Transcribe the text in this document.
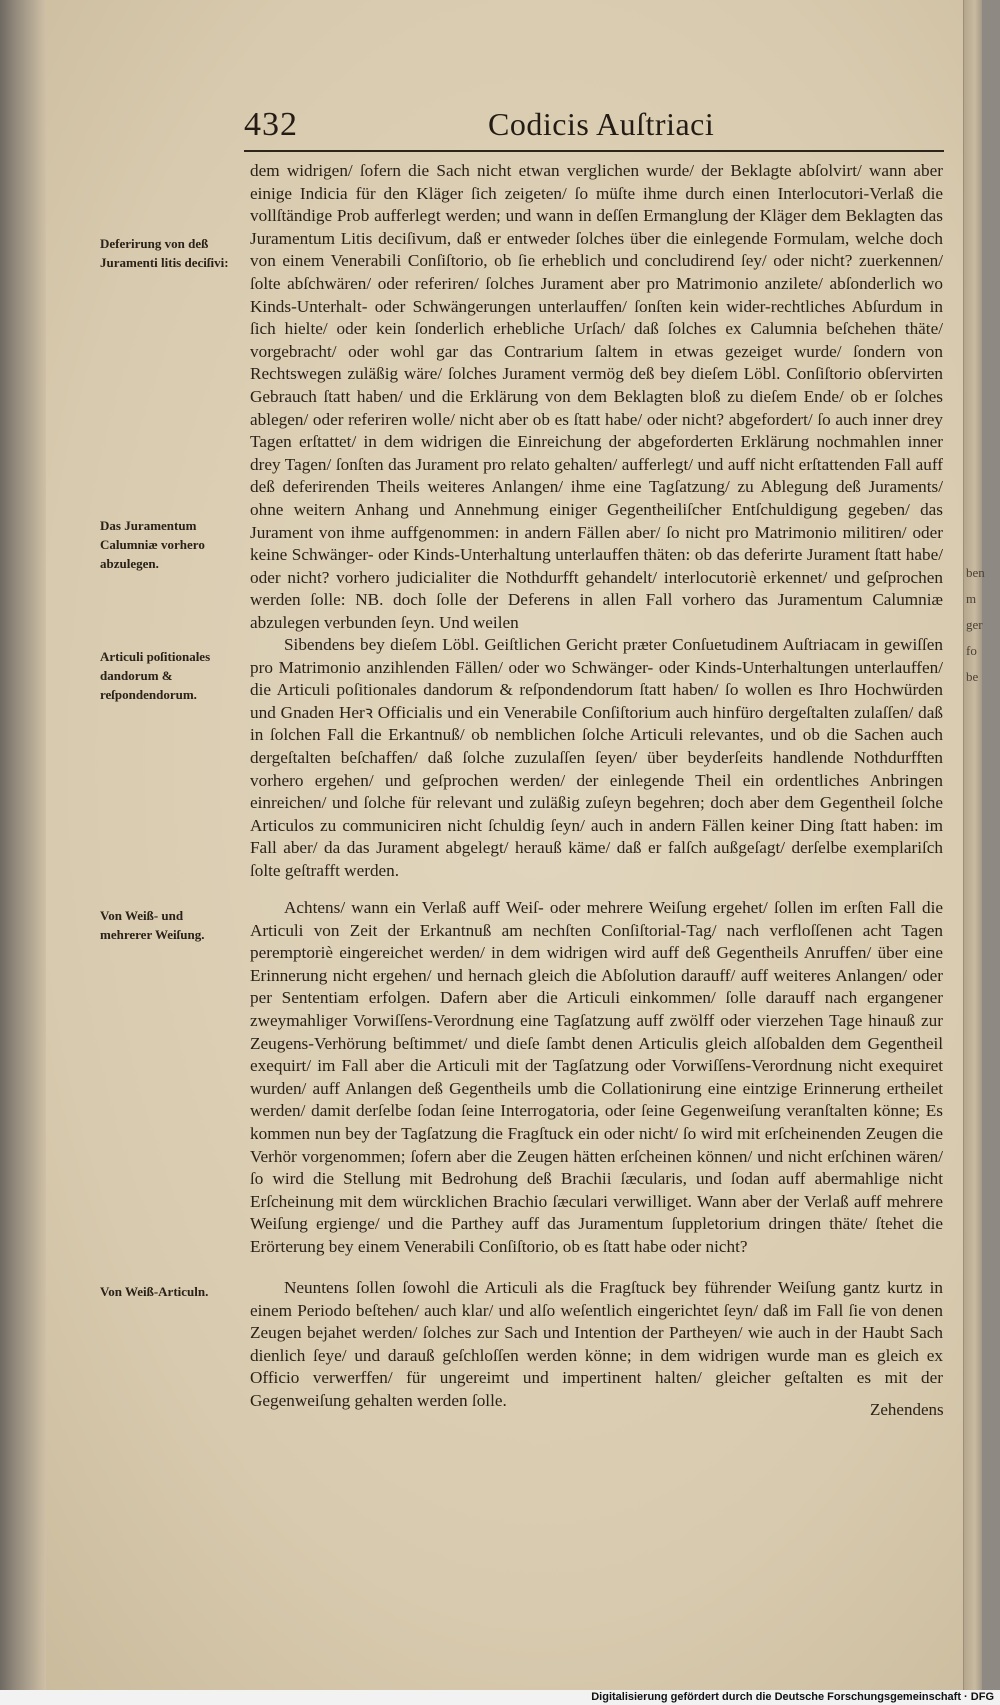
ben
m
ger
fo
be
432	Codicis Auſtriaci
Deferirung von deß Juramenti litis deciſivi:
Das Juramentum Calumniæ vorhero abzulegen.
Articuli poſitionales dandorum & reſpondendorum.
Von Weiß- und mehrerer Weiſung.
Von Weiß-Articuln.

dem widrigen/ ſofern die Sach nicht etwan verglichen wurde/ der Beklagte abſolvirt/ wann aber einige Indicia für den Kläger ſich zeigeten/ ſo müſte ihme durch einen Interlocutori-Verlaß die vollſtändige Prob aufferlegt werden; und wann in deſſen Ermanglung der Kläger dem Beklagten das Juramentum Litis deciſivum, daß er entweder ſolches über die einlegende Formulam, welche doch von einem Venerabili Conſiſtorio, ob ſie erheblich und concludirend ſey/ oder nicht? zuerkennen/ ſolte abſchwären/ oder referiren/ ſolches Jurament aber pro Matrimonio anzilete/ abſonderlich wo Kinds-Unterhalt- oder Schwängerungen unterlauffen/ ſonſten kein wider-rechtliches Abſurdum in ſich hielte/ oder kein ſonderlich erhebliche Urſach/ daß ſolches ex Calumnia beſchehen thäte/ vorgebracht/ oder wohl gar das Contrarium ſaltem in etwas gezeiget wurde/ ſondern von Rechtswegen zuläßig wäre/ ſolches Jurament vermög deß bey dieſem Löbl. Conſiſtorio obſervirten Gebrauch ſtatt haben/ und die Erklärung von dem Beklagten bloß zu dieſem Ende/ ob er ſolches ablegen/ oder referiren wolle/ nicht aber ob es ſtatt habe/ oder nicht? abgefordert/ ſo auch inner drey Tagen erſtattet/ in dem widrigen die Einreichung der abgeforderten Erklärung nochmahlen inner drey Tagen/ ſonſten das Jurament pro relato gehalten/ aufferlegt/ und auff nicht erſtattenden Fall auff deß deferirenden Theils weiteres Anlangen/ ihme eine Tagſatzung/ zu Ablegung deß Juraments/ ohne weitern Anhang und Annehmung einiger Gegentheiliſcher Entſchuldigung gegeben/ das Jurament von ihme auffgenommen: in andern Fällen aber/ ſo nicht pro Matrimonio militiren/ oder keine Schwänger- oder Kinds-Unterhaltung unterlauffen thäten: ob das deferirte Jurament ſtatt habe/ oder nicht? vorhero judicialiter die Nothdurfft gehandelt/ interlocutoriè erkennet/ und geſprochen werden ſolle: NB. doch ſolle der Deferens in allen Fall vorhero das Juramentum Calumniæ abzulegen verbunden ſeyn. Und weilen

Sibendens bey dieſem Löbl. Geiſtlichen Gericht præter Conſuetudinem Auſtriacam in gewiſſen pro Matrimonio anzihlenden Fällen/ oder wo Schwänger- oder Kinds-Unterhaltungen unterlauffen/ die Articuli poſitionales dandorum & reſpondendorum ſtatt haben/ ſo wollen es Ihro Hochwürden und Gnaden Herꝛ Officialis und ein Venerabile Conſiſtorium auch hinfüro dergeſtalten zulaſſen/ daß in ſolchen Fall die Erkantnuß/ ob nemblichen ſolche Articuli relevantes, und ob die Sachen auch dergeſtalten beſchaffen/ daß ſolche zuzulaſſen ſeyen/ über beyderſeits handlende Nothdurfften vorhero ergehen/ und geſprochen werden/ der einlegende Theil ein ordentliches Anbringen einreichen/ und ſolche für relevant und zuläßig zuſeyn begehren; doch aber dem Gegentheil ſolche Articulos zu communiciren nicht ſchuldig ſeyn/ auch in andern Fällen keiner Ding ſtatt haben: im Fall aber/ da das Jurament abgelegt/ herauß käme/ daß er falſch außgeſagt/ derſelbe exemplariſch ſolte geſtrafft werden.

Achtens/ wann ein Verlaß auff Weiſ- oder mehrere Weiſung ergehet/ ſollen im erſten Fall die Articuli von Zeit der Erkantnuß am nechſten Conſiſtorial-Tag/ nach verfloſſenen acht Tagen peremptoriè eingereichet werden/ in dem widrigen wird auff deß Gegentheils Anruffen/ über eine Erinnerung nicht ergehen/ und hernach gleich die Abſolution darauff/ auff weiteres Anlangen/ oder per Sententiam erfolgen. Dafern aber die Articuli einkommen/ ſolle darauff nach ergangener zweymahliger Vorwiſſens-Verordnung eine Tagſatzung auff zwölff oder vierzehen Tage hinauß zur Zeugens-Verhörung beſtimmet/ und dieſe ſambt denen Articulis gleich alſobalden dem Gegentheil exequirt/ im Fall aber die Articuli mit der Tagſatzung oder Vorwiſſens-Verordnung nicht exequiret wurden/ auff Anlangen deß Gegentheils umb die Collationirung eine eintzige Erinnerung ertheilet werden/ damit derſelbe ſodan ſeine Interrogatoria, oder ſeine Gegenweiſung veranſtalten könne; Es kommen nun bey der Tagſatzung die Fragſtuck ein oder nicht/ ſo wird mit erſcheinenden Zeugen die Verhör vorgenommen; ſofern aber die Zeugen hätten erſcheinen können/ und nicht erſchinen wären/ ſo wird die Stellung mit Bedrohung deß Brachii ſæcularis, und ſodan auff abermahlige nicht Erſcheinung mit dem würcklichen Brachio ſæculari verwilliget. Wann aber der Verlaß auff mehrere Weiſung ergienge/ und die Parthey auff das Juramentum ſuppletorium dringen thäte/ ſtehet die Erörterung bey einem Venerabili Conſiſtorio, ob es ſtatt habe oder nicht?

Neuntens ſollen ſowohl die Articuli als die Fragſtuck bey führender Weiſung gantz kurtz in einem Periodo beſtehen/ auch klar/ und alſo weſentlich eingerichtet ſeyn/ daß im Fall ſie von denen Zeugen bejahet werden/ ſolches zur Sach und Intention der Partheyen/ wie auch in der Haubt Sach dienlich ſeye/ und darauß geſchloſſen werden könne; in dem widrigen wurde man es gleich ex Officio verwerffen/ für ungereimt und impertinent halten/ gleicher geſtalten es mit der Gegenweiſung gehalten werden ſolle.	Zehendens
Digitalisierung gefördert durch die Deutsche Forschungsgemeinschaft · DFG
